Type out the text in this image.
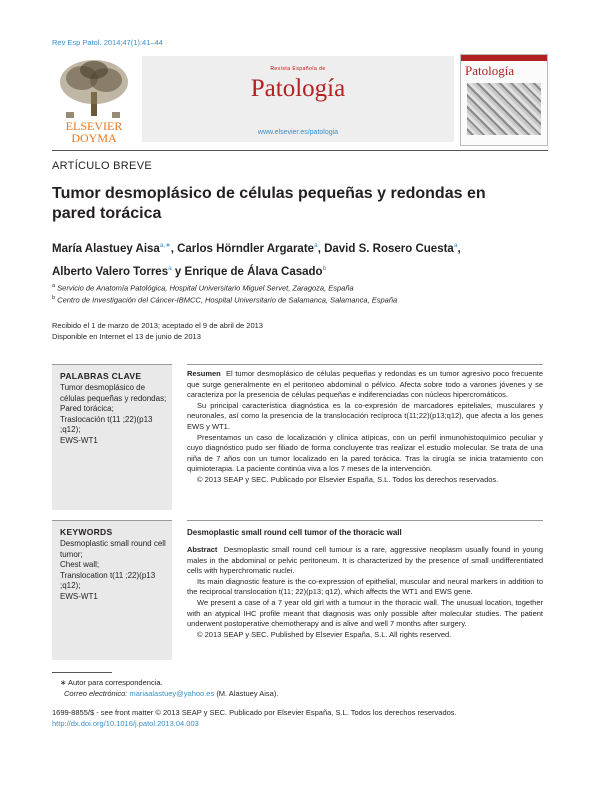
Rev Esp Patol. 2014;47(1):41–44
ELSEVIER
DOYMA
Revista Española de
Patología
www.elsevier.es/patologia
Patología
ARTÍCULO BREVE
Tumor desmoplásico de células pequeñas y redondas en pared torácica
María Alastuey Aisa$^{a,∗}$, Carlos Hörndler Argarate$^a$, David S. Rosero Cuesta$^a$,
Alberto Valero Torres$^a$ y Enrique de Álava Casado$^b$
$^a$ Servicio de Anatomía Patológica, Hospital Universitario Miguel Servet, Zaragoza, España
$^b$ Centro de Investigación del Cáncer-IBMCC, Hospital Universitario de Salamanca, Salamanca, España
Recibido el 1 de marzo de 2013; aceptado el 9 de abril de 2013
Disponible en Internet el 13 de junio de 2013
PALABRAS CLAVE
Tumor desmoplásico de células pequeñas y redondas;
Pared torácica;
Traslocación t(11 ;22)(p13 ;q12);
EWS-WT1

Resumen El tumor desmoplásico de células pequeñas y redondas es un tumor agresivo poco frecuente que surge generalmente en el peritoneo abdominal o pélvico. Afecta sobre todo a varones jóvenes y se caracteriza por la presencia de células pequeñas e indiferenciadas con núcleos hipercromáticos.

Su principal característica diagnóstica es la co-expresión de marcadores epiteliales, musculares y neuronales, así como la presencia de la translocación recíproca t(11;22)(p13;q12), que afecta a los genes EWS y WT1.

Presentamos un caso de localización y clínica atípicas, con un perfil inmunohistoquímico peculiar y cuyo diagnóstico pudo ser filiado de forma concluyente tras realizar el estudio molecular. Se trata de una niña de 7 años con un tumor localizado en la pared torácica. Tras la cirugía se inicia tratamiento con quimioterapia. La paciente continúa viva a los 7 meses de la intervención.

© 2013 SEAP y SEC. Publicado por Elsevier España, S.L. Todos los derechos reservados.

KEYWORDS
Desmoplastic small round cell tumor;
Chest wall;
Translocation t(11 ;22)(p13 ;q12);
EWS-WT1
Desmoplastic small round cell tumor of the thoracic wall

Abstract Desmoplastic small round cell tumour is a rare, aggressive neoplasm usually found in young males in the abdominal or pelvic peritoneum. It is characterized by the presence of small undifferentiated cells with hyperchromatic nuclei.

Its main diagnostic feature is the co-expression of epithelial, muscular and neural markers in addition to the reciprocal translocation t(11; 22)(p13; q12), which affects the WT1 and EWS gene.

We present a case of a 7 year old girl with a tumour in the thoracic wall. The unusual location, together with an atypical IHC profile meant that diagnosis was only possible after molecular studies. The patient underwent postoperative chemotherapy and is alive and well 7 months after surgery.

© 2013 SEAP y SEC. Published by Elsevier España, S.L. All rights reserved.

∗ Autor para correspondencia.
Correo electrónico: mariaalastuey@yahoo.es (M. Alastuey Aisa).
1699-8855/$ - see front matter © 2013 SEAP y SEC. Publicado por Elsevier España, S.L. Todos los derechos reservados.
http://dx.doi.org/10.1016/j.patol.2013.04.003
